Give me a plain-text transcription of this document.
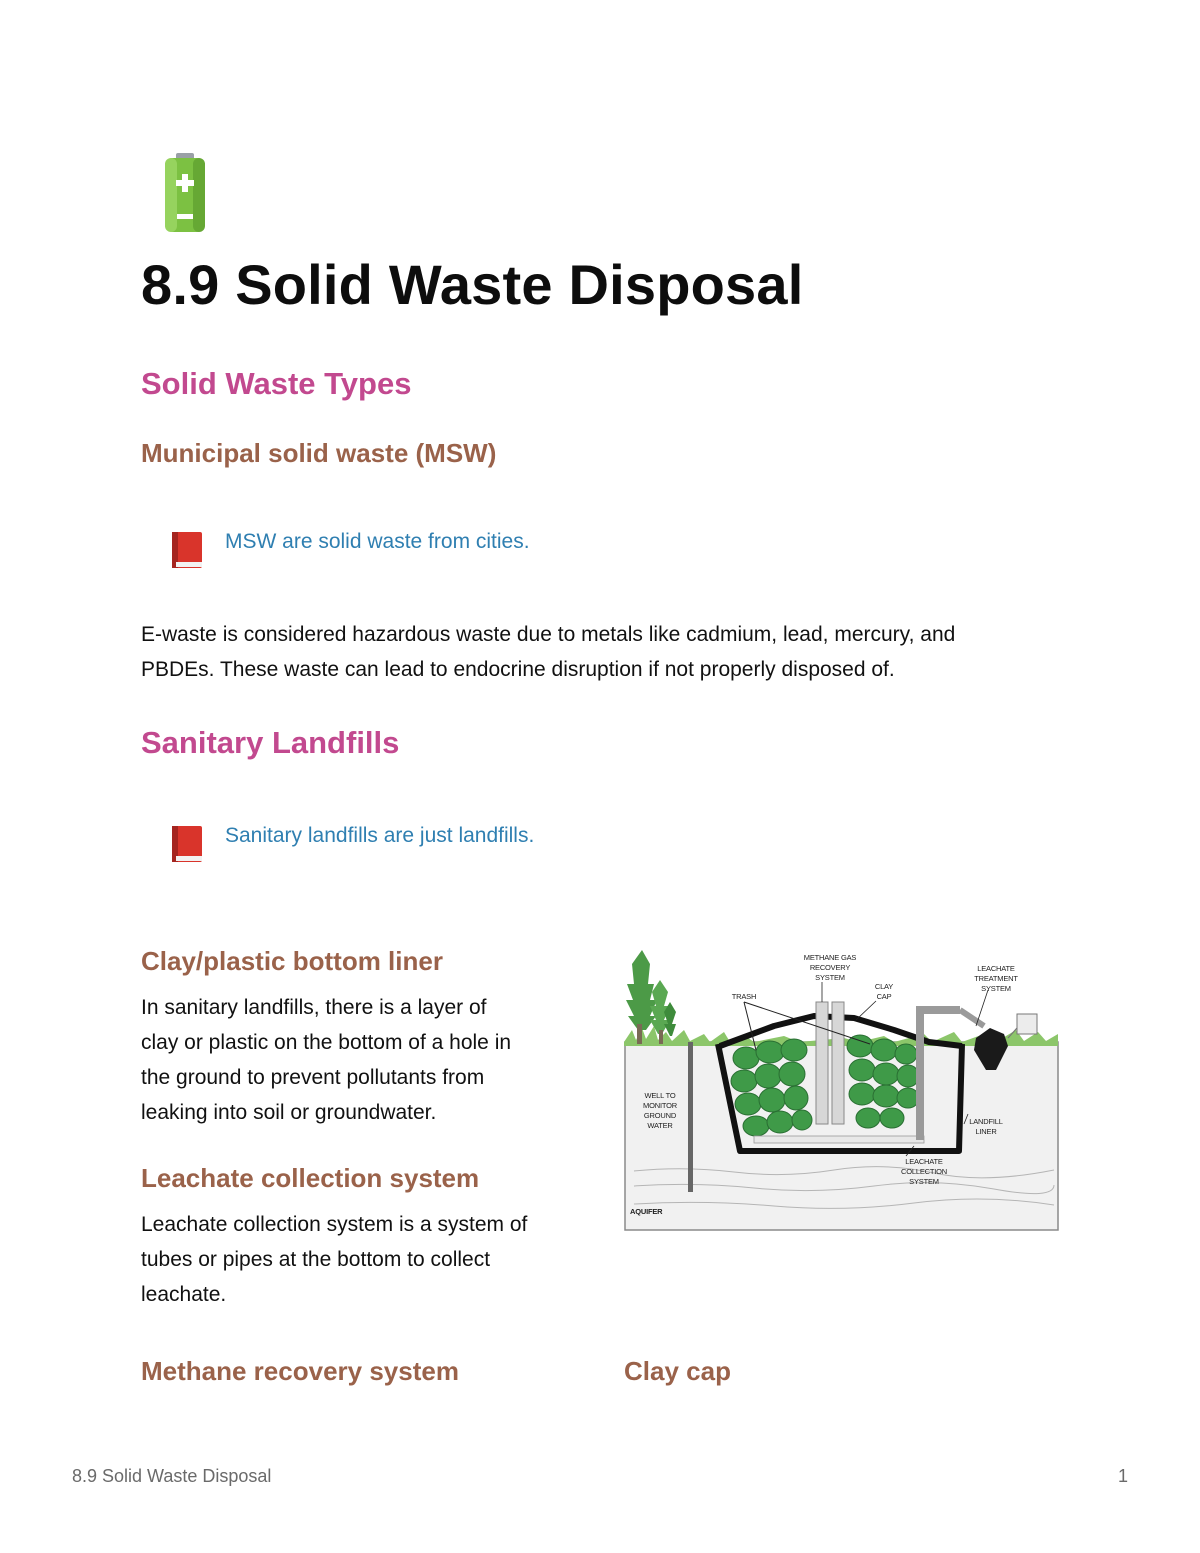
8.9 Solid Waste Disposal
Solid Waste Types
Municipal solid waste (MSW)
MSW are solid waste from cities.

E-waste is considered hazardous waste due to metals like cadmium, lead, mercury, and
PBDEs. These waste can lead to endocrine disruption if not properly disposed of.

Sanitary Landfills
Sanitary landfills are just landfills.
Clay/plastic bottom liner

In sanitary landfills, there is a layer of
clay or plastic on the bottom of a hole in
the ground to prevent pollutants from
leaking into soil or groundwater.

Leachate collection system

Leachate collection system is a system of
tubes or pipes at the bottom to collect
leachate.

Methane recovery system	Clay cap
METHANE GAS
RECOVERY
SYSTEM
CLAY
CAP
TRASH
LEACHATE
TREATMENT
SYSTEM
WELL TO
MONITOR
GROUND
WATER	LANDFILL
LINER
LEACHATE
COLLECTION
SYSTEM
AQUIFER
8.9 Solid Waste Disposal	1
